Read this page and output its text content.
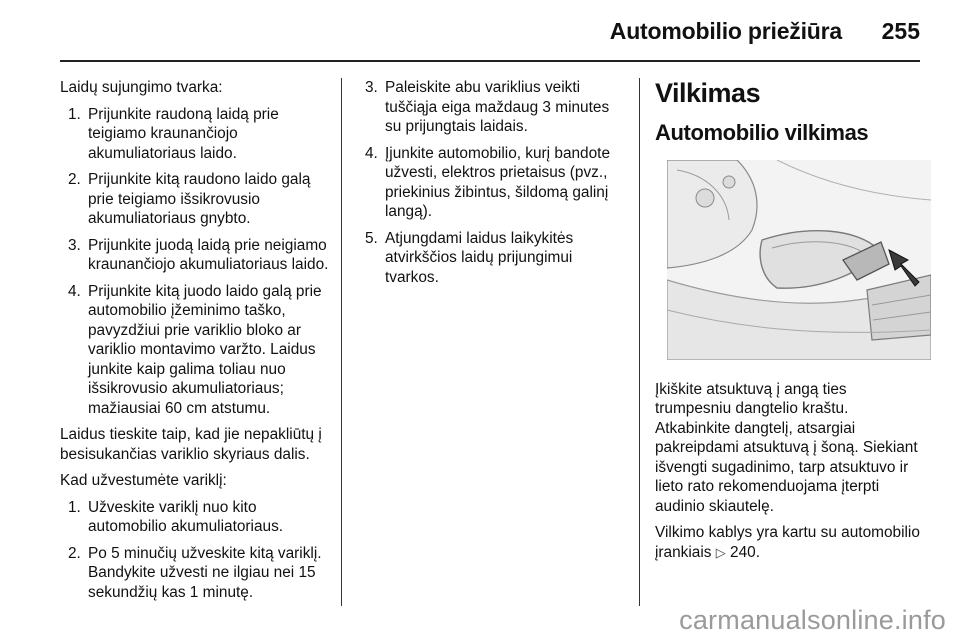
Automobilio priežiūra 255

Laidų sujungimo tvarka:

1. Prijunkite raudoną laidą prie teigiamo kraunančiojo akumuliatoriaus laido.
2. Prijunkite kitą raudono laido galą prie teigiamo išsikrovusio akumuliatoriaus gnybto.
3. Prijunkite juodą laidą prie neigiamo kraunančiojo akumuliatoriaus laido.
4. Prijunkite kitą juodo laido galą prie automobilio įžeminimo taško, pavyzdžiui prie variklio bloko ar variklio montavimo varžto. Laidus junkite kaip galima toliau nuo išsikrovusio akumuliatoriaus; mažiausiai 60 cm atstumu.

Laidus tieskite taip, kad jie nepakliūtų į besisukančias variklio skyriaus dalis.

Kad užvestumėte variklį:

1. Užveskite variklį nuo kito automobilio akumuliatoriaus.
2. Po 5 minučių užveskite kitą variklį. Bandykite užvesti ne ilgiau nei 15 sekundžių kas 1 minutę.
3. Paleiskite abu variklius veikti tuščiąja eiga maždaug 3 minutes su prijungtais laidais.
4. Įjunkite automobilio, kurį bandote užvesti, elektros prietaisus (pvz., priekinius žibintus, šildomą galinį langą).
5. Atjungdami laidus laikykitės atvirkščios laidų prijungimui tvarkos.
Vilkimas
Automobilio vilkimas

Įkiškite atsuktuvą į angą ties trumpesniu dangtelio kraštu. Atkabinkite dangtelį, atsargiai pakreipdami atsuktuvą į šoną. Siekiant išvengti sugadinimo, tarp atsuktuvo ir lieto rato rekomenduojama įterpti audinio skiautelę.

Vilkimo kablys yra kartu su automobilio įrankiais ▷ 240.

carmanualsonline.info
